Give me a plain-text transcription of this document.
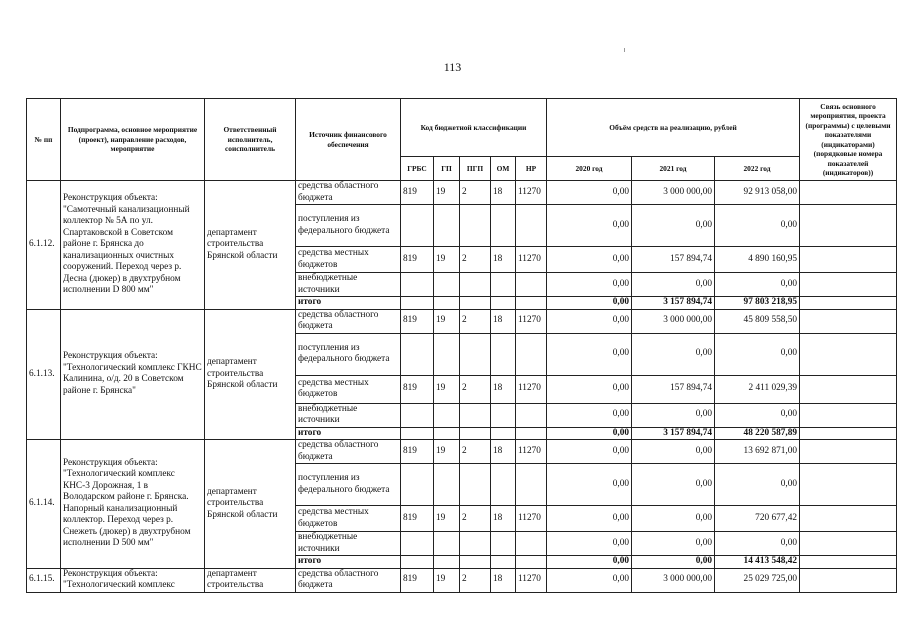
113
№ пп	Подпрограмма, основное мероприятие (проект), направление расходов, мероприятие	Ответственный исполнитель, соисполнитель	Источник финансового обеспечения	Код бюджетной классификации					Объём средств на реализацию, рублей			Связь основного мероприятия, проекта (программы) с целевыми показателями (индикаторами) (порядковые номера показателей (индикаторов))
				ГРБС	ГП	ПГП	ОМ	НР	2020 год	2021 год	2022 год	
6.1.12.	Реконструкция объекта: "Самотечный канализационный коллектор № 5А по ул. Спартаковской в Советском районе г. Брянска до канализационных очистных сооружений. Переход через р. Десна (дюкер) в двухтрубном исполнении D 800 мм"	департамент строительства Брянской области	средства областного бюджета	819	19	2	18	11270	0,00	3 000 000,00	92 913 058,00	
			поступления из федерального бюджета						0,00	0,00	0,00	
			средства местных бюджетов	819	19	2	18	11270	0,00	157 894,74	4 890 160,95	
			внебюджетные источники						0,00	0,00	0,00	
			итого						0,00	3 157 894,74	97 803 218,95	
6.1.13.	Реконструкция объекта: "Технологический комплекс ГКНС Калинина, о/д. 20 в Советском районе г. Брянска"	департамент строительства Брянской области	средства областного бюджета	819	19	2	18	11270	0,00	3 000 000,00	45 809 558,50	
			поступления из федерального бюджета						0,00	0,00	0,00	
			средства местных бюджетов	819	19	2	18	11270	0,00	157 894,74	2 411 029,39	
			внебюджетные источники						0,00	0,00	0,00	
			итого						0,00	3 157 894,74	48 220 587,89	
6.1.14.	Реконструкция объекта: "Технологический комплекс КНС-3 Дорожная, 1 в Володарском районе г. Брянска. Напорный канализационный коллектор. Переход через р. Снежеть (дюкер) в двухтрубном исполнении D 500 мм"	департамент строительства Брянской области	средства областного бюджета	819	19	2	18	11270	0,00	0,00	13 692 871,00	
			поступления из федерального бюджета						0,00	0,00	0,00	
			средства местных бюджетов	819	19	2	18	11270	0,00	0,00	720 677,42	
			внебюджетные источники						0,00	0,00	0,00	
			итого						0,00	0,00	14 413 548,42	
6.1.15.	Реконструкция объекта: "Технологический комплекс	департамент строительства	средства областного бюджета	819	19	2	18	11270	0,00	3 000 000,00	25 029 725,00	
